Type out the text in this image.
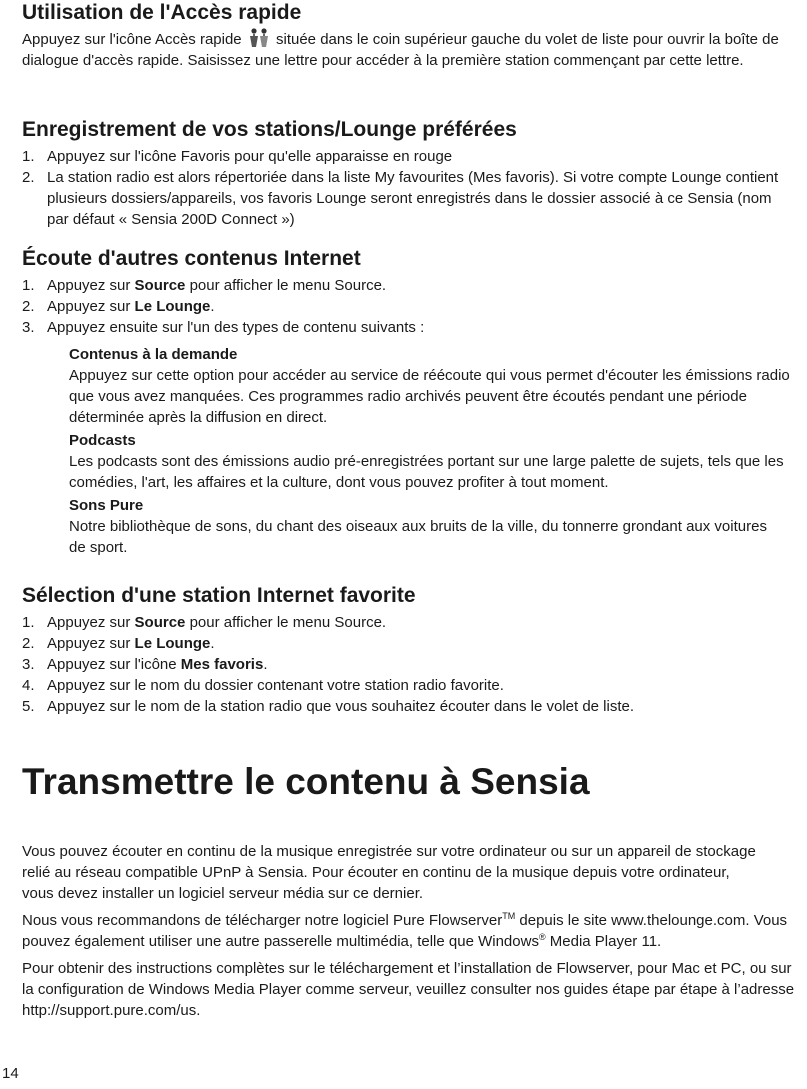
Utilisation de l'Accès rapide

Appuyez sur l'icône Accès rapide située dans le coin supérieur gauche du volet de liste pour ouvrir la boîte de dialogue d'accès rapide. Saisissez une lettre pour accéder à la première station commençant par cette lettre.

Enregistrement de vos stations/Lounge préférées
1. Appuyez sur l'icône Favoris pour qu'elle apparaisse en rouge
2. La station radio est alors répertoriée dans la liste My favourites (Mes favoris). Si votre compte Lounge contient plusieurs dossiers/appareils, vos favoris Lounge seront enregistrés dans le dossier associé à ce Sensia (nom par défaut « Sensia 200D Connect »)
Écoute d'autres contenus Internet
1. Appuyez sur Source pour afficher le menu Source.
2. Appuyez sur Le Lounge.
3. Appuyez ensuite sur l'un des types de contenu suivants :
Contenus à la demande
Appuyez sur cette option pour accéder au service de réécoute qui vous permet d'écouter les émissions radio que vous avez manquées. Ces programmes radio archivés peuvent être écoutés pendant une période déterminée après la diffusion en direct.
Podcasts
Les podcasts sont des émissions audio pré-enregistrées portant sur une large palette de sujets, tels que les comédies, l'art, les affaires et la culture, dont vous pouvez profiter à tout moment.
Sons Pure
Notre bibliothèque de sons, du chant des oiseaux aux bruits de la ville, du tonnerre grondant aux voitures de sport.
Sélection d'une station Internet favorite
1. Appuyez sur Source pour afficher le menu Source.
2. Appuyez sur Le Lounge.
3. Appuyez sur l'icône Mes favoris.
4. Appuyez sur le nom du dossier contenant votre station radio favorite.
5. Appuyez sur le nom de la station radio que vous souhaitez écouter dans le volet de liste.
Transmettre le contenu à Sensia

Vous pouvez écouter en continu de la musique enregistrée sur votre ordinateur ou sur un appareil de stockage relié au réseau compatible UPnP à Sensia. Pour écouter en continu de la musique depuis votre ordinateur, vous devez installer un logiciel serveur média sur ce dernier.

Nous vous recommandons de télécharger notre logiciel Pure Flowserver™ depuis le site www.thelounge.com. Vous pouvez également utiliser une autre passerelle multimédia, telle que Windows® Media Player 11.

Pour obtenir des instructions complètes sur le téléchargement et l’installation de Flowserver, pour Mac et PC, ou sur la configuration de Windows Media Player comme serveur, veuillez consulter nos guides étape par étape à l’adresse http://support.pure.com/us.

14
